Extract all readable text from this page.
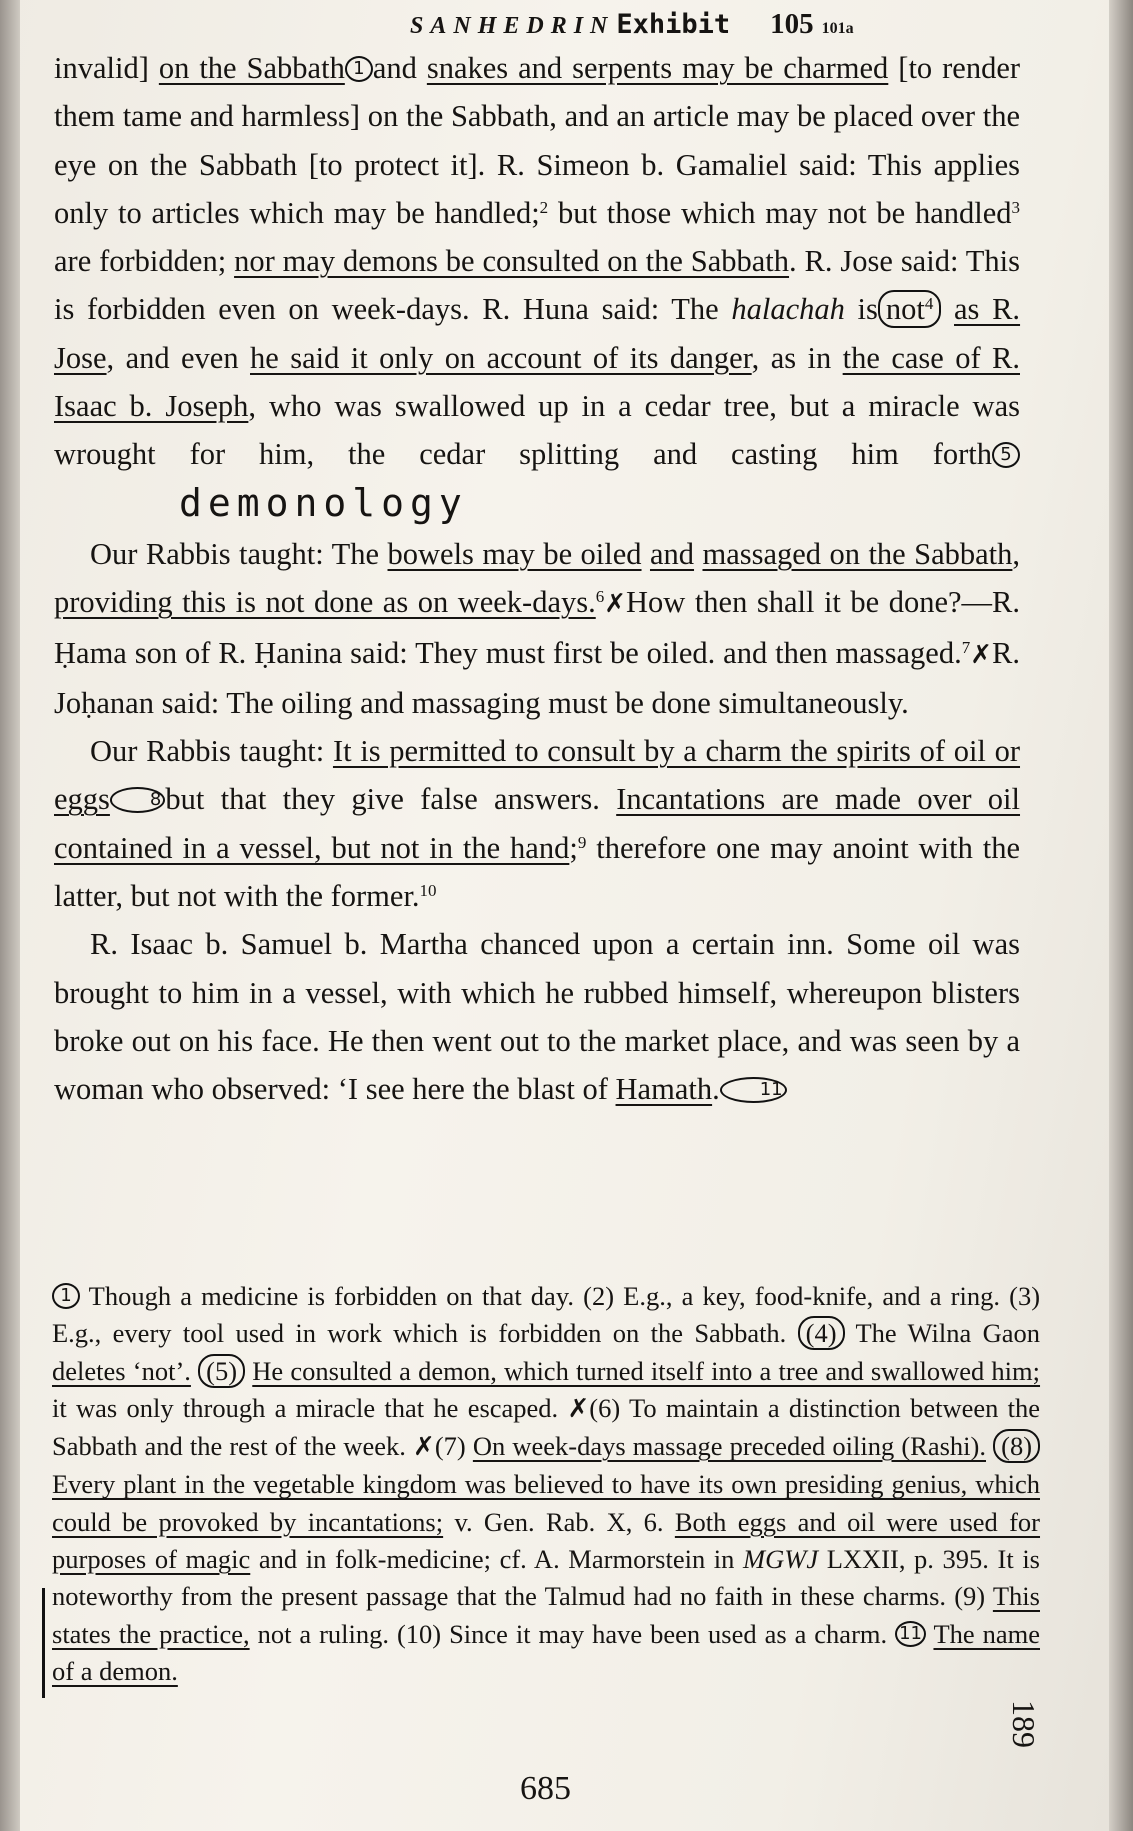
SANHEDRIN Exhibit 105 101a

invalid] on the Sabbath 1 and snakes and serpents may be charmed [to render them tame and harmless] on the Sabbath, and an article may be placed over the eye on the Sabbath [to protect it]. R. Simeon b. Gamaliel said: This applies only to articles which may be handled;$^2$ but those which may not be handled$^3$ are forbidden; nor may demons be consulted on the Sabbath. R. Jose said: This is forbidden even on week-days. R. Huna said: The halachah is not$^4$ as R. Jose, and even he said it only on account of its danger, as in the case of R. Isaac b. Joseph, who was swallowed up in a cedar tree, but a miracle was wrought for him, the cedar splitting and casting him forth 5 demonology

Our Rabbis taught: The bowels may be oiled and massaged on the Sabbath, providing this is not done as on week-days.$^6$✗How then shall it be done?—R. Ḥama son of R. Ḥanina said: They must first be oiled. and then massaged.$^7$✗R. Joḥanan said: The oiling and massaging must be done simultaneously.

Our Rabbis taught: It is permitted to consult by a charm the spirits of oil or eggs 8 but that they give false answers. Incantations are made over oil contained in a vessel, but not in the hand;$^9$ therefore one may anoint with the latter, but not with the former.$^{10}$

R. Isaac b. Samuel b. Martha chanced upon a certain inn. Some oil was brought to him in a vessel, with which he rubbed himself, whereupon blisters broke out on his face. He then went out to the market place, and was seen by a woman who observed: ‘I see here the blast of Hamath. 11

1 Though a medicine is forbidden on that day. (2) E.g., a key, food-knife, and a ring. (3) E.g., every tool used in work which is forbidden on the Sabbath. (4) The Wilna Gaon deletes ‘not’. (5) He consulted a demon, which turned itself into a tree and swallowed him; it was only through a miracle that he escaped. ✗(6) To maintain a distinction between the Sabbath and the rest of the week. ✗(7) On week-days massage preceded oiling (Rashi). (8) Every plant in the vegetable kingdom was believed to have its own presiding genius, which could be provoked by incantations; v. Gen. Rab. X, 6. Both eggs and oil were used for purposes of magic and in folk-medicine; cf. A. Marmorstein in MGWJ LXXII, p. 395. It is noteworthy from the present passage that the Talmud had no faith in these charms. (9) This states the practice, not a ruling. (10) Since it may have been used as a charm. 11 The name of a demon.

685
189
